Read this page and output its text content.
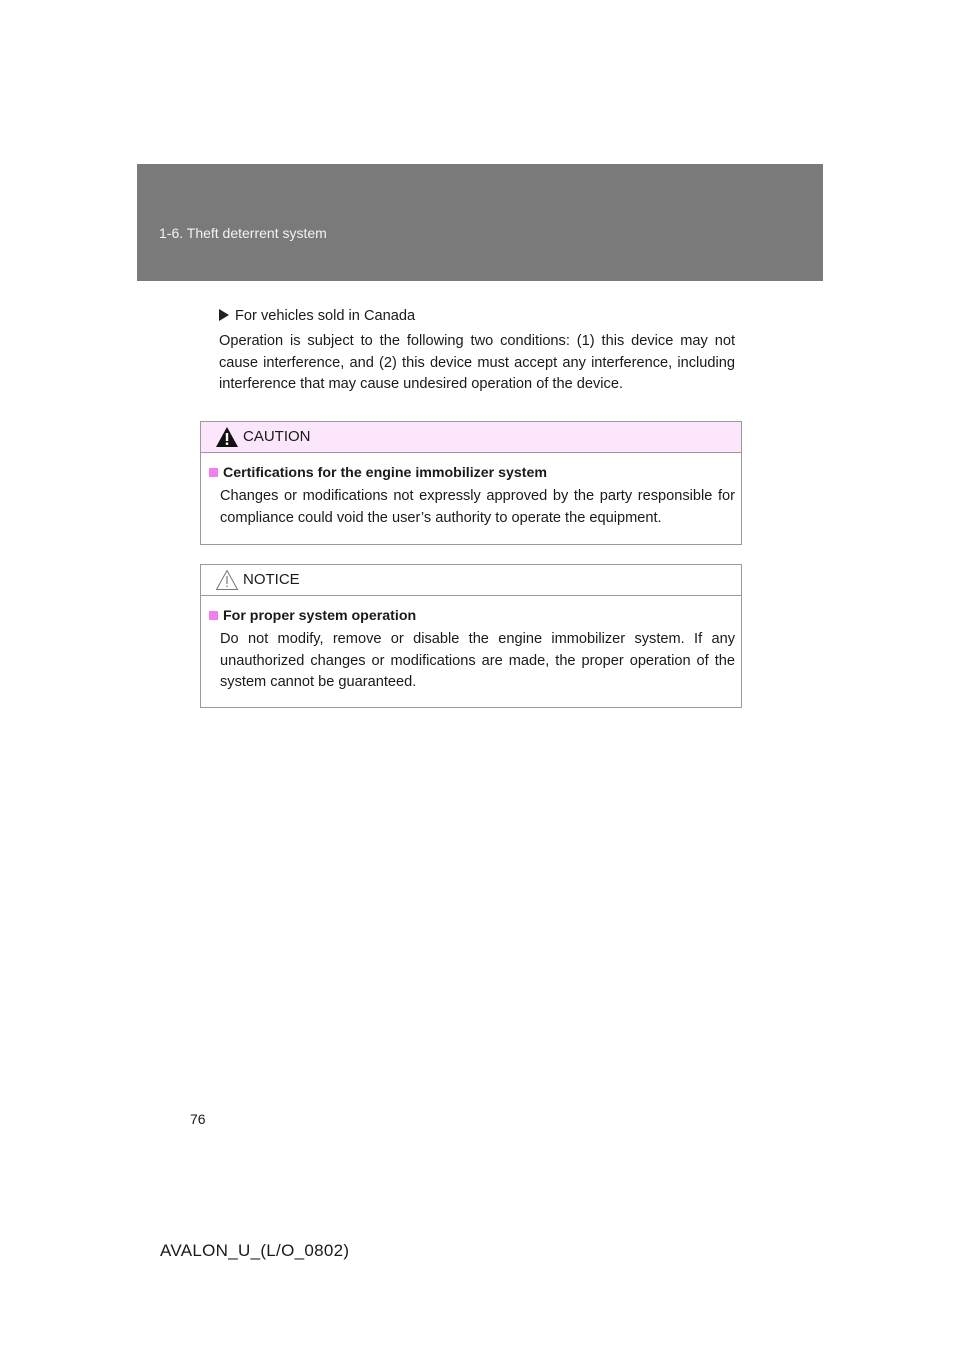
1-6. Theft deterrent system
For vehicles sold in Canada
Operation is subject to the following two conditions: (1) this device may not cause interference, and (2) this device must accept any interference, including interference that may cause undesired operation of the device.
CAUTION
Certifications for the engine immobilizer system
Changes or modifications not expressly approved by the party responsible for compliance could void the user’s authority to operate the equipment.
NOTICE
For proper system operation
Do not modify, remove or disable the engine immobilizer system. If any unauthorized changes or modifications are made, the proper operation of the system cannot be guaranteed.
76
AVALON_U_(L/O_0802)
